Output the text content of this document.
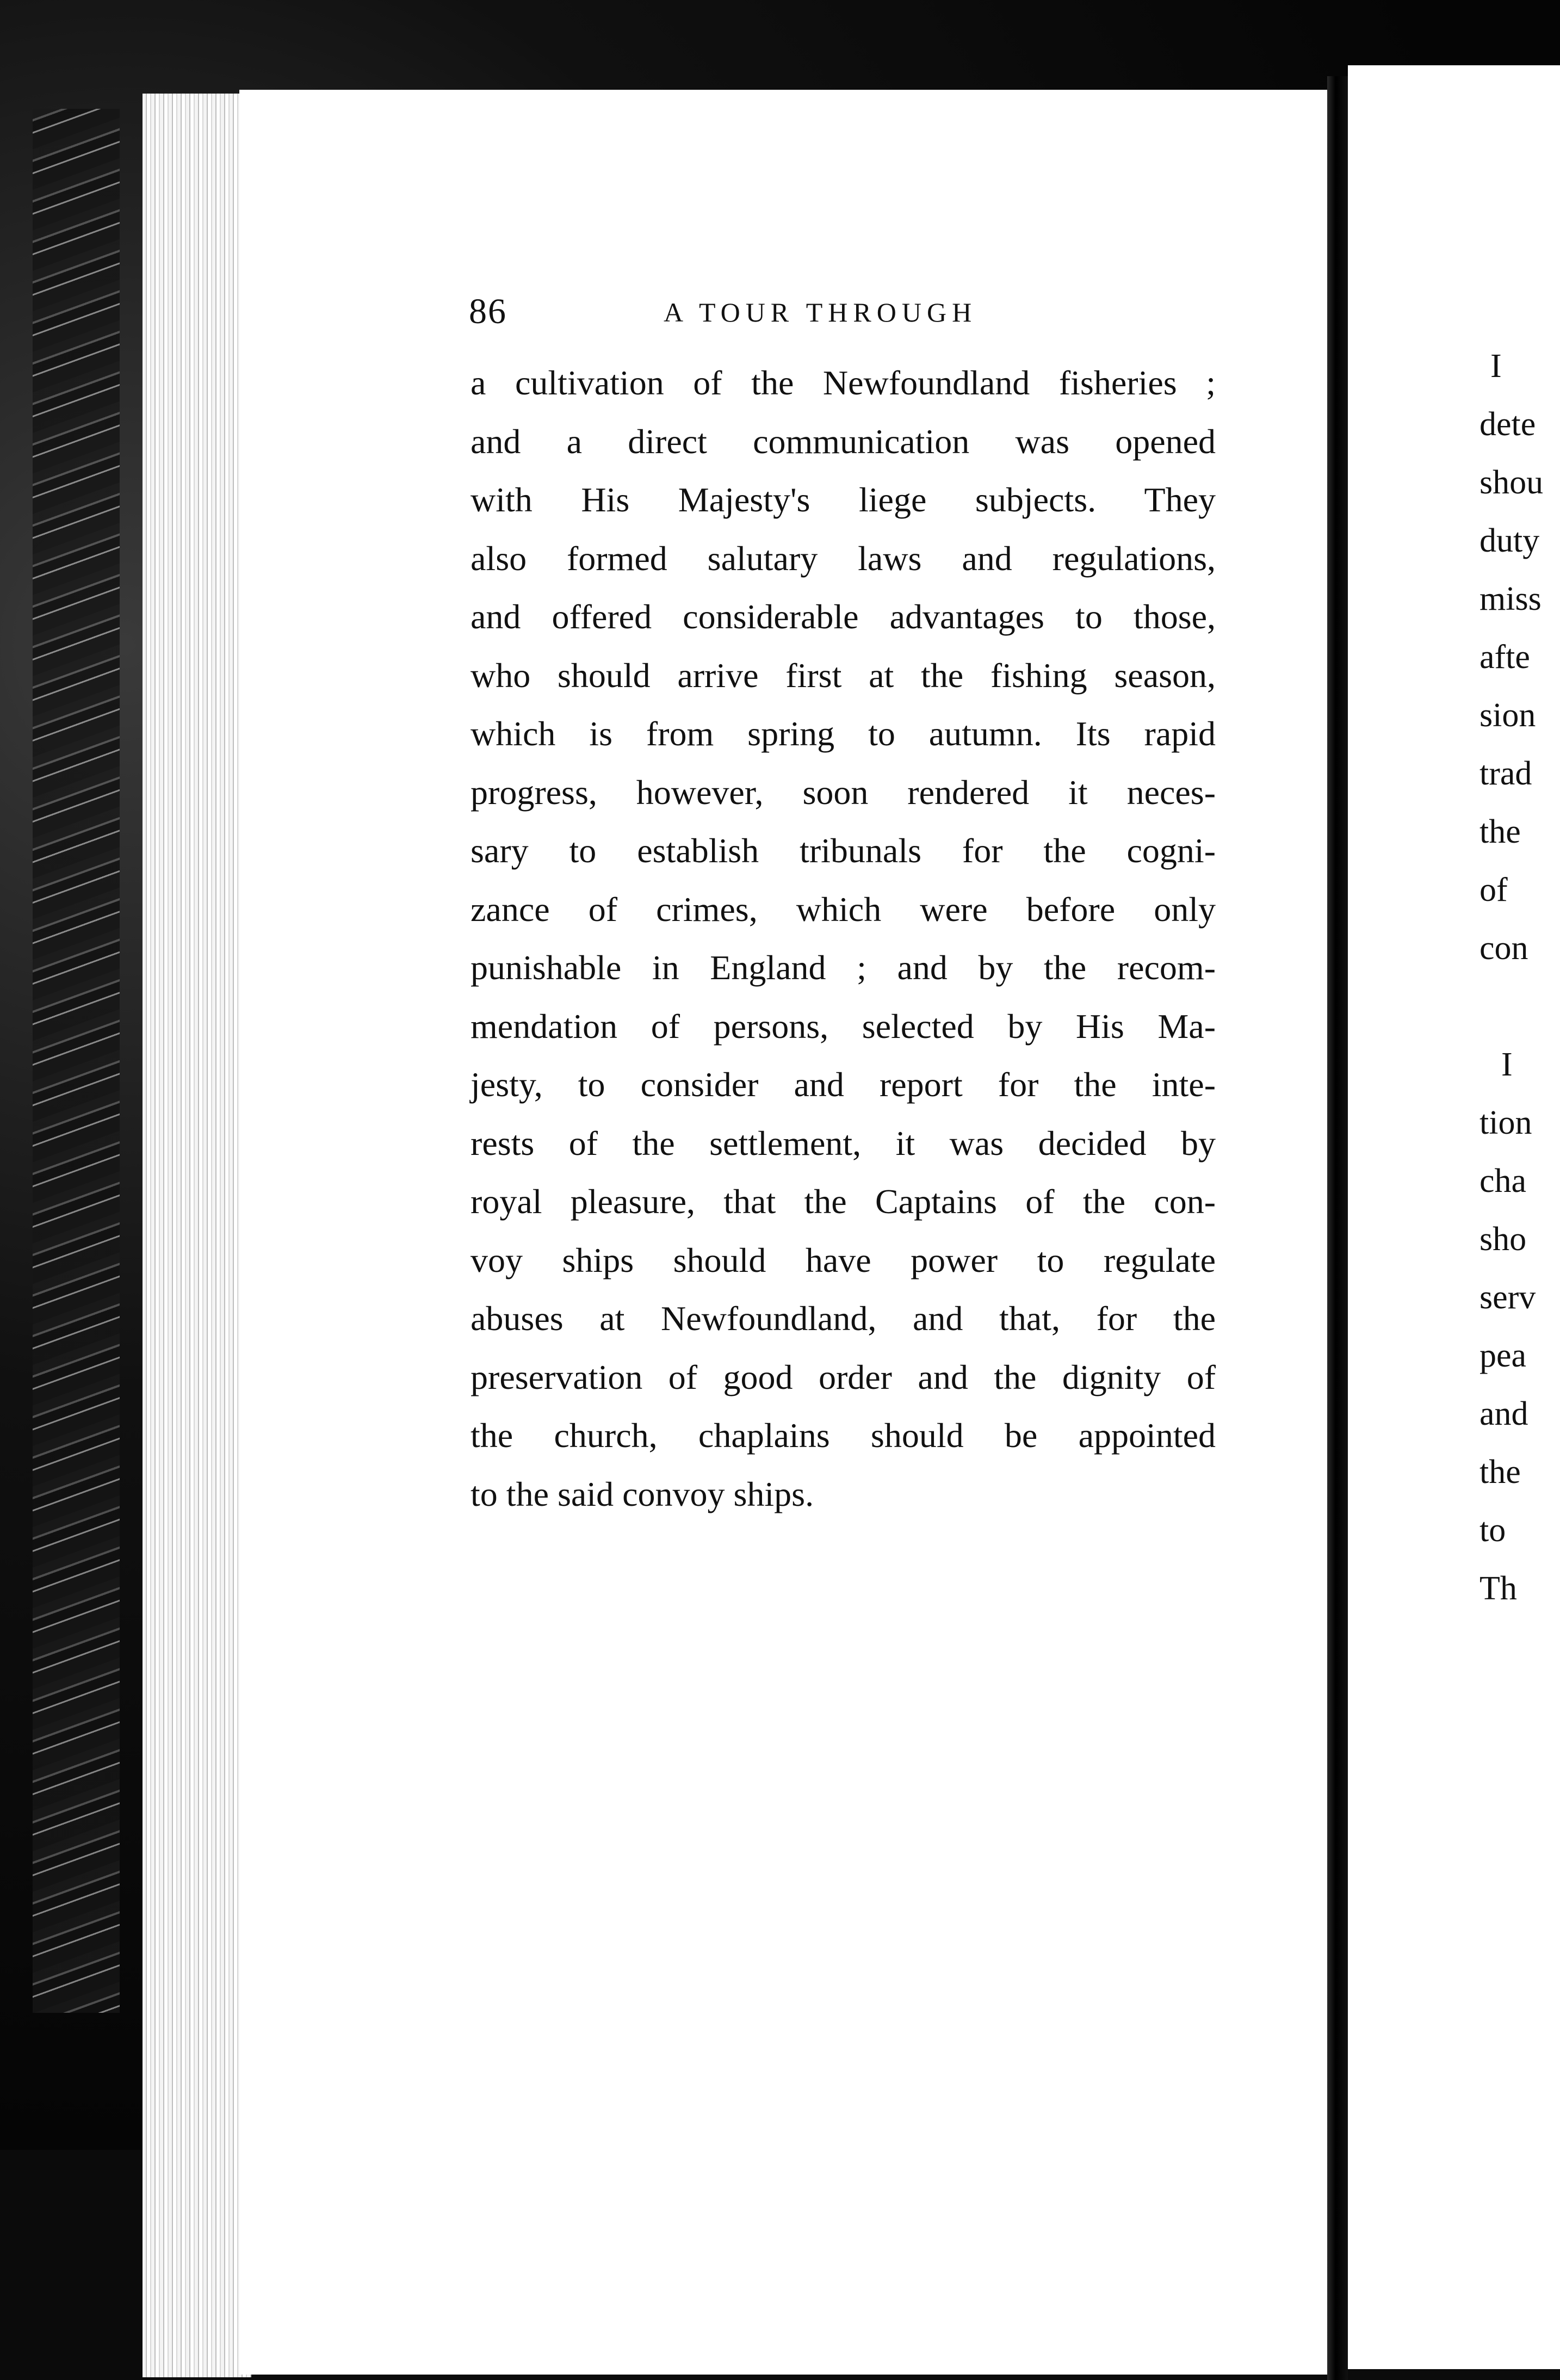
86	A TOUR THROUGH
a cultivation of the Newfoundland fisheries ;
and a direct communication was opened
with His Majesty's liege subjects. They
also formed salutary laws and regulations,
and offered considerable advantages to those,
who should arrive first at the fishing season,
which is from spring to autumn. Its rapid
progress, however, soon rendered it neces-
sary to establish tribunals for the cogni-
zance of crimes, which were before only
punishable in England ; and by the recom-
mendation of persons, selected by His Ma-
jesty, to consider and report for the inte-
rests of the settlement, it was decided by
royal pleasure, that the Captains of the con-
voy ships should have power to regulate
abuses at Newfoundland, and that, for the
preservation of good order and the dignity of
the church, chaplains should be appointed
to the said convoy ships.
I
dete
shou
duty
miss
afte
sion
trad
the
of
con
I
tion
cha
sho
serv
pea
and
the
to
Th
